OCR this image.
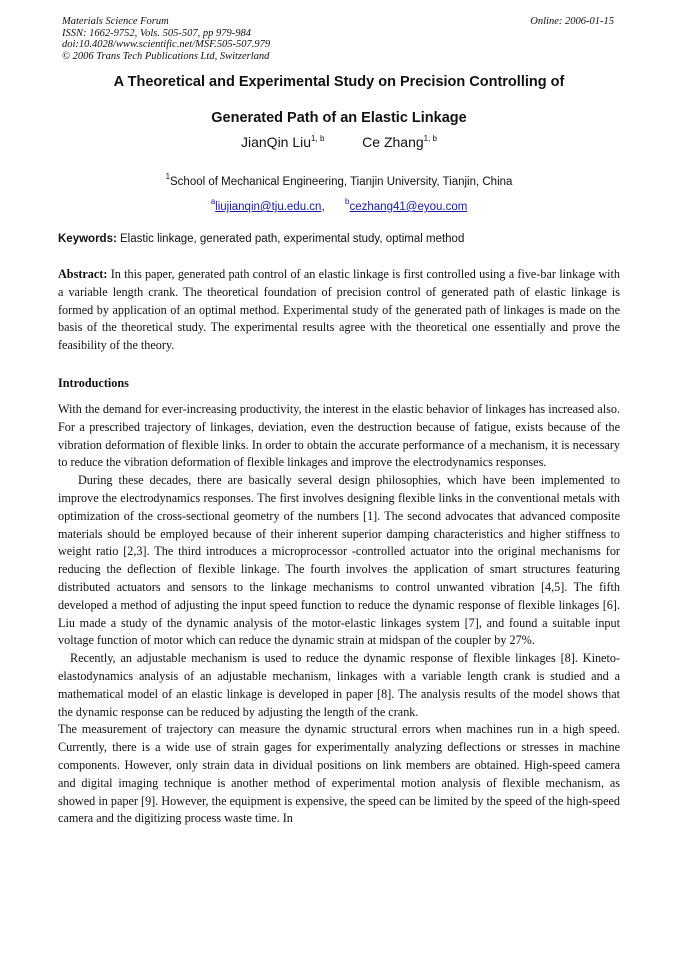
Materials Science Forum
ISSN: 1662-9752, Vols. 505-507, pp 979-984
doi:10.4028/www.scientific.net/MSF.505-507.979
© 2006 Trans Tech Publications Ltd, Switzerland
Online: 2006-01-15
A Theoretical and Experimental Study on Precision Controlling of
Generated Path of an Elastic Linkage
JianQin Liu$^{1, b}$	Ce Zhang$^{1, b}$
$^1$School of Mechanical Engineering, Tianjin University, Tianjin, China
$^a$liujianqin@tju.edu.cn,	$^b$cezhang41@eyou.com
Keywords: Elastic linkage, generated path, experimental study, optimal method

Abstract: In this paper, generated path control of an elastic linkage is first controlled using a five-bar linkage with a variable length crank. The theoretical foundation of precision control of generated path of elastic linkage is formed by application of an optimal method. Experimental study of the generated path of linkages is made on the basis of the theoretical study. The experimental results agree with the theoretical one essentially and prove the feasibility of the theory.

Introductions

With the demand for ever-increasing productivity, the interest in the elastic behavior of linkages has increased also. For a prescribed trajectory of linkages, deviation, even the destruction because of fatigue, exists because of the vibration deformation of flexible links. In order to obtain the accurate performance of a mechanism, it is necessary to reduce the vibration deformation of flexible linkages and improve the electrodynamics responses.

During these decades, there are basically several design philosophies, which have been implemented to improve the electrodynamics responses. The first involves designing flexible links in the conventional metals with optimization of the cross-sectional geometry of the numbers [1]. The second advocates that advanced composite materials should be employed because of their inherent superior damping characteristics and higher stiffness to weight ratio [2,3]. The third introduces a microprocessor -controlled actuator into the original mechanisms for reducing the deflection of flexible linkage. The fourth involves the application of smart structures featuring distributed actuators and sensors to the linkage mechanisms to control unwanted vibration [4,5]. The fifth developed a method of adjusting the input speed function to reduce the dynamic response of flexible linkages [6]. Liu made a study of the dynamic analysis of the motor-elastic linkages system [7], and found a suitable input voltage function of motor which can reduce the dynamic strain at midspan of the coupler by 27%.

Recently, an adjustable mechanism is used to reduce the dynamic response of flexible linkages [8]. Kineto-elastodynamics analysis of an adjustable mechanism, linkages with a variable length crank is studied and a mathematical model of an elastic linkage is developed in paper [8]. The analysis results of the model shows that the dynamic response can be reduced by adjusting the length of the crank.

The measurement of trajectory can measure the dynamic structural errors when machines run in a high speed. Currently, there is a wide use of strain gages for experimentally analyzing deflections or stresses in machine components. However, only strain data in dividual positions on link members are obtained. High-speed camera and digital imaging technique is another method of experimental motion analysis of flexible mechanism, as showed in paper [9]. However, the equipment is expensive, the speed can be limited by the speed of the high-speed camera and the digitizing process waste time. In
